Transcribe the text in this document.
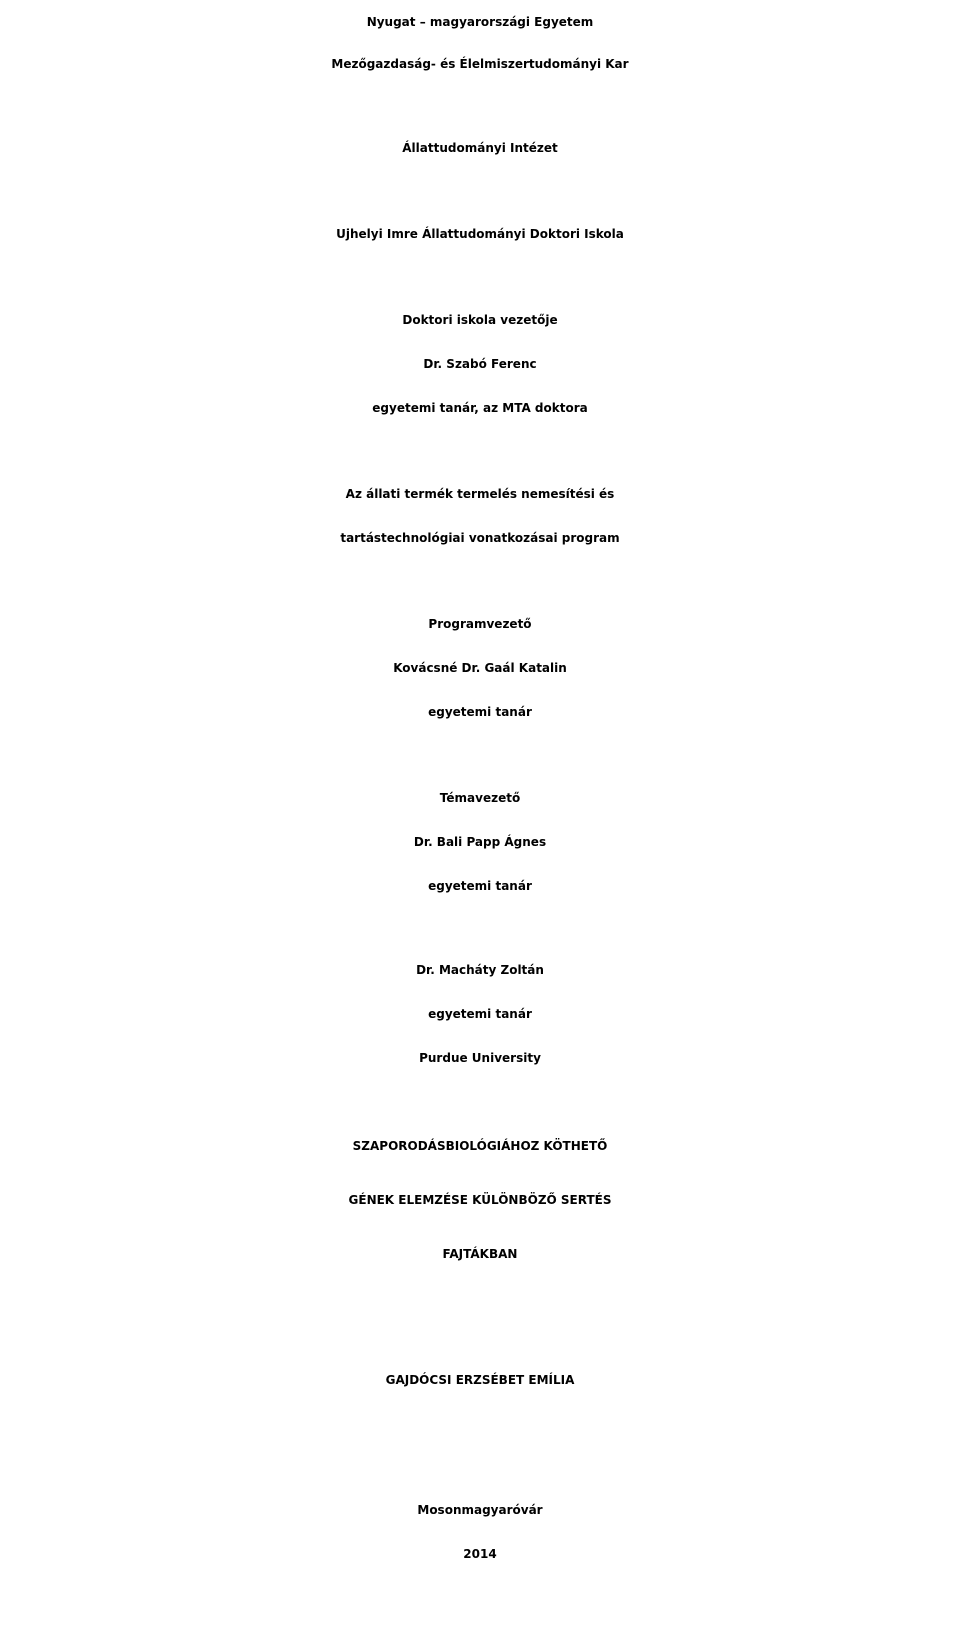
Nyugat – magyarországi Egyetem
Mezőgazdaság- és Élelmiszertudományi Kar
Állattudományi Intézet
Ujhelyi Imre Állattudományi Doktori Iskola
Doktori iskola vezetője
Dr. Szabó Ferenc
egyetemi tanár, az MTA doktora
Az állati termék termelés nemesítési és
tartástechnológiai vonatkozásai program
Programvezető
Kovácsné Dr. Gaál Katalin
egyetemi tanár
Témavezető
Dr. Bali Papp Ágnes
egyetemi tanár
Dr. Macháty Zoltán
egyetemi tanár
Purdue University
SZAPORODÁSBIOLÓGIÁHOZ KÖTHETŐ
GÉNEK ELEMZÉSE KÜLÖNBÖZŐ SERTÉS
FAJTÁKBAN
GAJDÓCSI ERZSÉBET EMÍLIA
Mosonmagyaróvár
2014
